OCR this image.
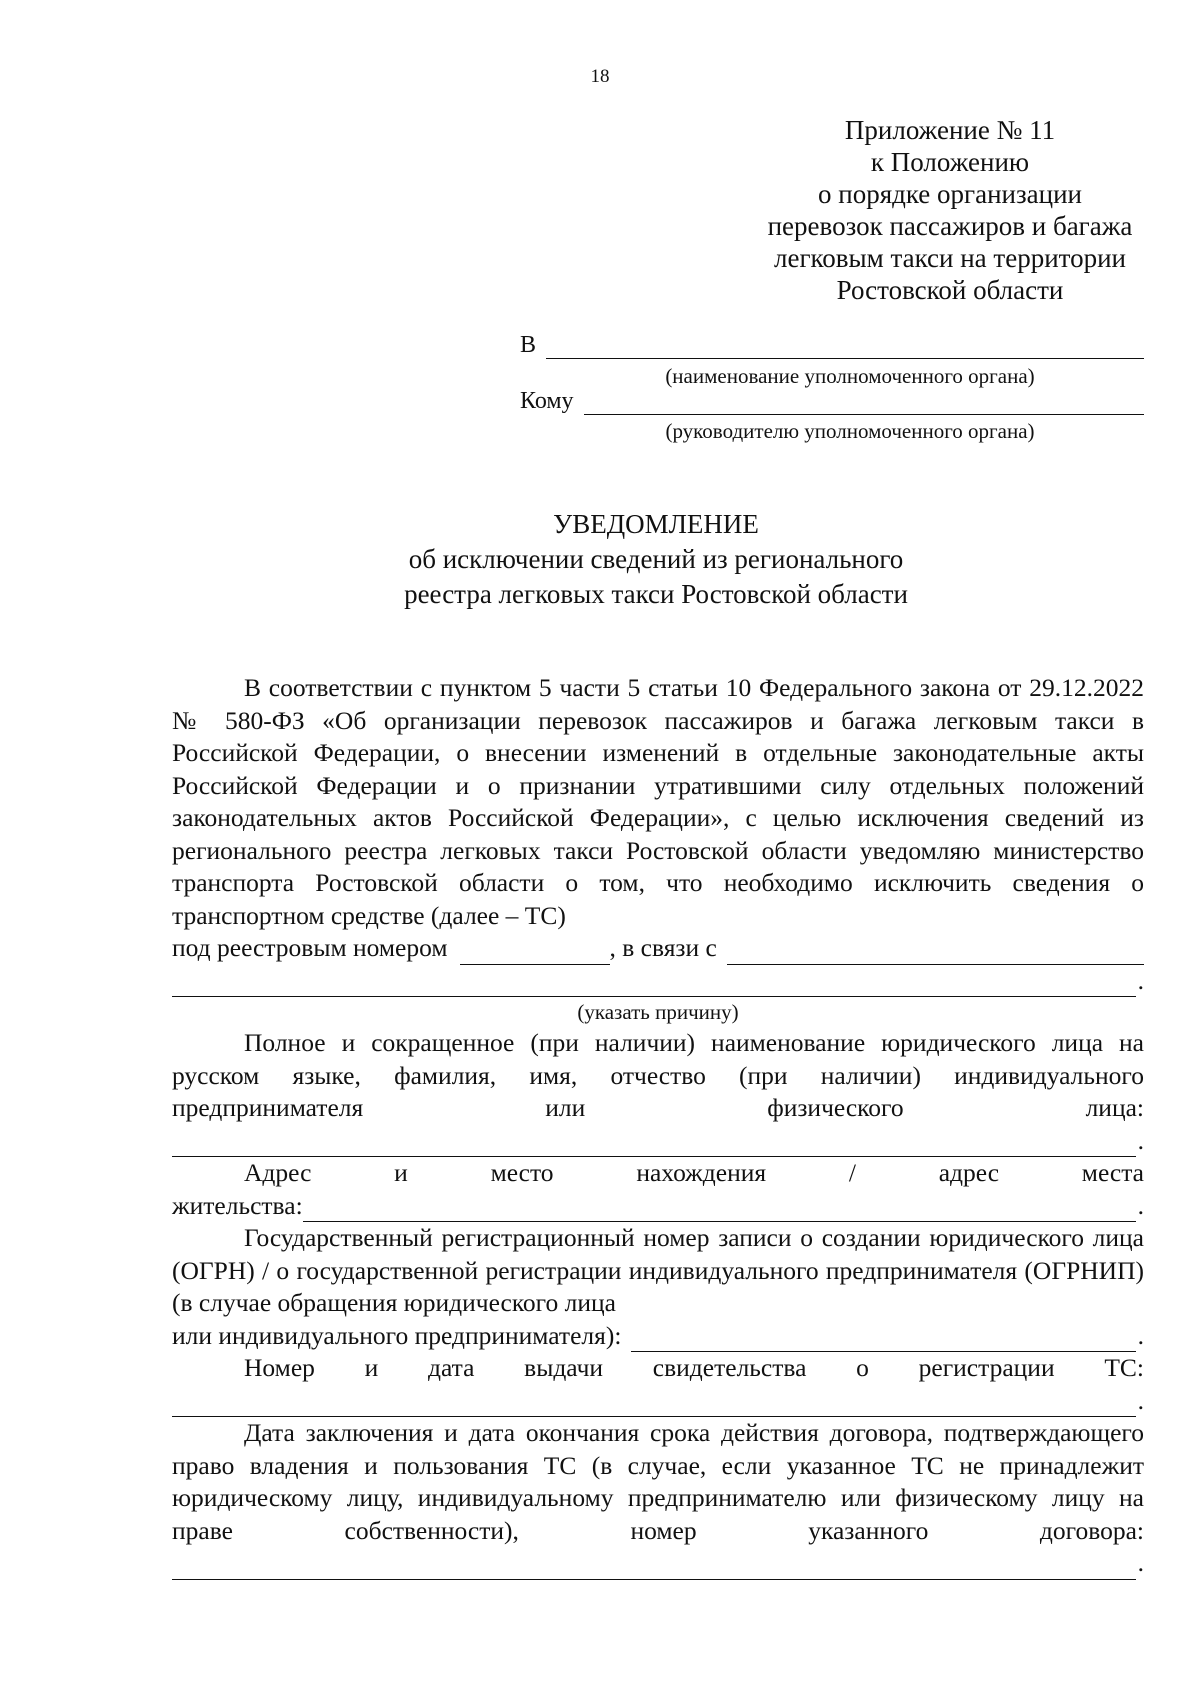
18
Приложение № 11
к Положению
о порядке организации
перевозок пассажиров и багажа
легковым такси на территории
Ростовской области
В
(наименование уполномоченного органа)
Кому
(руководителю уполномоченного органа)
УВЕДОМЛЕНИЕ
об исключении сведений из регионального
реестра легковых такси Ростовской области

В соответствии с пунктом 5 части 5 статьи 10 Федерального закона от 29.12.2022 № 580-ФЗ «Об организации перевозок пассажиров и багажа легковым такси в Российской Федерации, о внесении изменений в отдельные законодательные акты Российской Федерации и о признании утратившими силу отдельных положений законодательных актов Российской Федерации», с целью исключения сведений из регионального реестра легковых такси Ростовской области уведомляю министерство транспорта Ростовской области о том, что необходимо исключить сведения о транспортном средстве (далее – ТС)

под реестровым номером	, в связи с
.
(указать причину)

Полное и сокращенное (при наличии) наименование юридического лица на русском языке, фамилия, имя, отчество (при наличии) индивидуального предпринимателя или физического лица:

.

Адрес и место нахождения / адрес места

жительства:	.

Государственный регистрационный номер записи о создании юридического лица (ОГРН) / о государственной регистрации индивидуального предпринимателя (ОГРНИП) (в случае обращения юридического лица

или индивидуального предпринимателя):	.

Номер и дата выдачи свидетельства о регистрации ТС:

.

Дата заключения и дата окончания срока действия договора, подтверждающего право владения и пользования ТС (в случае, если указанное ТС не принадлежит юридическому лицу, индивидуальному предпринимателю или физическому лицу на праве собственности), номер указанного договора:

.
